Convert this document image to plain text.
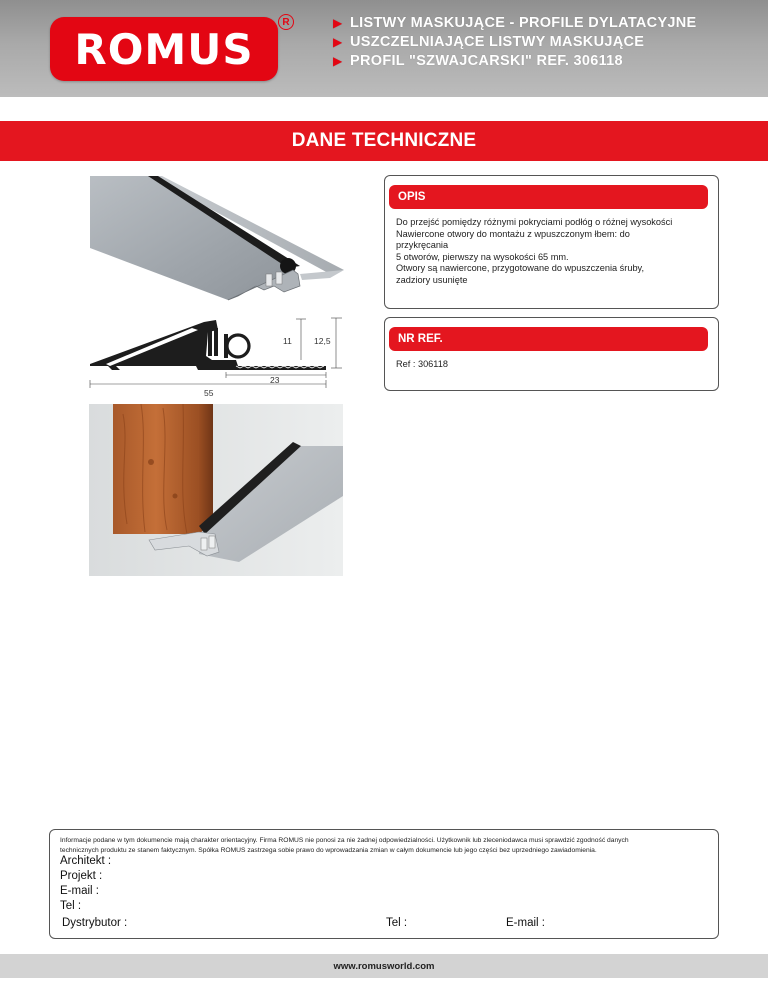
ROMUS
R	▶ LISTWY MASKUJĄCE - PROFILE DYLATACYJNE
▶ USZCZELNIAJĄCE LISTWY MASKUJĄCE
▶ PROFIL "SZWAJCARSKI" REF. 306118
DANE TECHNICZNE
11	12,5
23
55
OPIS
Do przejść pomiędzy różnymi pokryciami podłóg o różnej wysokości
Nawiercone otwory do montażu z wpuszczonym łbem: do
przykręcania
5 otworów, pierwszy na wysokości 65 mm.
Otwory są nawiercone, przygotowane do wpuszczenia śruby,
zadziory usunięte
NR REF.
Ref : 306118
Informacje podane w tym dokumencie mają charakter orientacyjny. Firma ROMUS nie ponosi za nie żadnej odpowiedzialności. Użytkownik lub zleceniodawca musi sprawdzić zgodność danych
technicznych produktu ze stanem faktycznym. Spółka ROMUS zastrzega sobie prawo do wprowadzania zmian w całym dokumencie lub jego części bez uprzedniego zawiadomienia.
Architekt :
Projekt :
E-mail :
Tel :
Dystrybutor :	Tel :	E-mail :
www.romusworld.com
